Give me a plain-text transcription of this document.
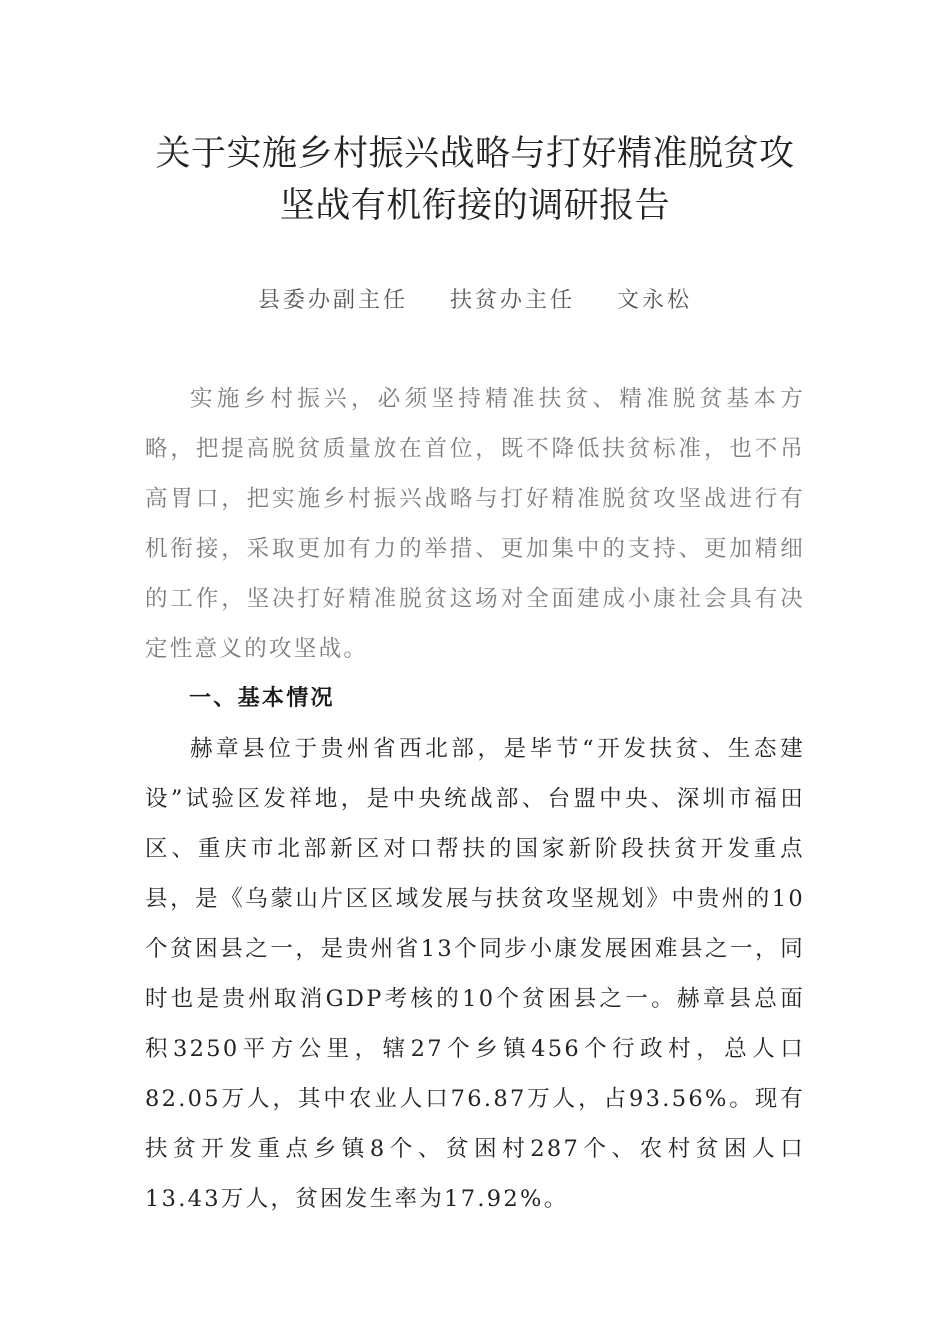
关于实施乡村振兴战略与打好精准脱贫攻
坚战有机衔接的调研报告
县委办副主任 扶贫办主任 文永松

实施乡村振兴，必须坚持精准扶贫、精准脱贫基本方略，把提高脱贫质量放在首位，既不降低扶贫标准，也不吊高胃口，把实施乡村振兴战略与打好精准脱贫攻坚战进行有机衔接，采取更加有力的举措、更加集中的支持、更加精细的工作，坚决打好精准脱贫这场对全面建成小康社会具有决定性意义的攻坚战。

一、基本情况

赫章县位于贵州省西北部，是毕节“开发扶贫、生态建设”试验区发祥地，是中央统战部、台盟中央、深圳市福田区、重庆市北部新区对口帮扶的国家新阶段扶贫开发重点县，是《乌蒙山片区区域发展与扶贫攻坚规划》中贵州的10个贫困县之一，是贵州省13个同步小康发展困难县之一，同时也是贵州取消GDP考核的10个贫困县之一。赫章县总面积3250平方公里，辖27个乡镇456个行政村，总人口82.05万人，其中农业人口76.87万人，占93.56%。现有扶贫开发重点乡镇8个、贫困村287个、农村贫困人口13.43万人，贫困发生率为17.92%。
